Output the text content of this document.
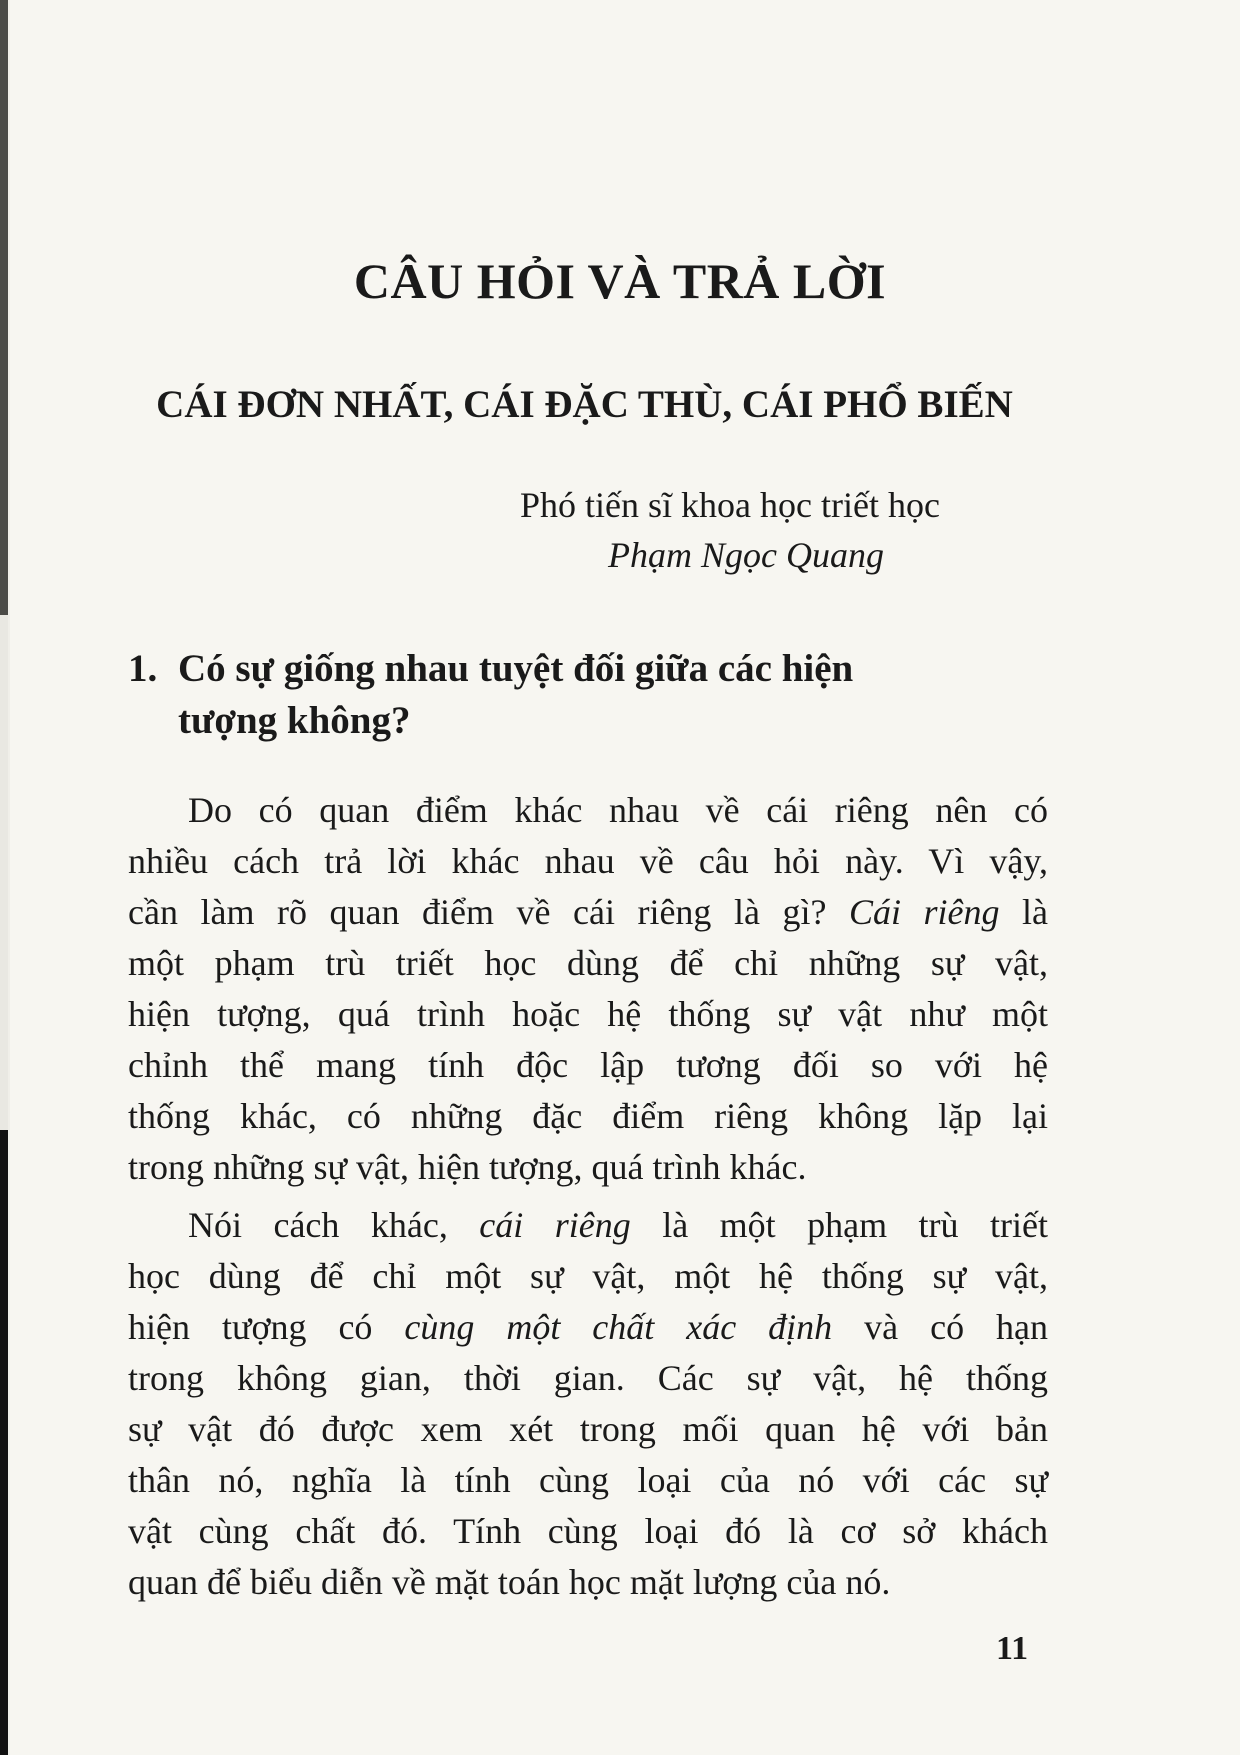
CÂU HỎI VÀ TRẢ LỜI
CÁI ĐƠN NHẤT, CÁI ĐẶC THÙ, CÁI PHỔ BIẾN
Phó tiến sĩ khoa học triết học
Phạm Ngọc Quang
1. Có sự giống nhau tuyệt đối giữa các hiện
tượng không?
Do có quan điểm khác nhau về cái riêng nên có
nhiều cách trả lời khác nhau về câu hỏi này. Vì vậy,
cần làm rõ quan điểm về cái riêng là gì? Cái riêng là
một phạm trù triết học dùng để chỉ những sự vật,
hiện tượng, quá trình hoặc hệ thống sự vật như một
chỉnh thể mang tính độc lập tương đối so với hệ
thống khác, có những đặc điểm riêng không lặp lại
trong những sự vật, hiện tượng, quá trình khác.
Nói cách khác, cái riêng là một phạm trù triết
học dùng để chỉ một sự vật, một hệ thống sự vật,
hiện tượng có cùng một chất xác định và có hạn
trong không gian, thời gian. Các sự vật, hệ thống
sự vật đó được xem xét trong mối quan hệ với bản
thân nó, nghĩa là tính cùng loại của nó với các sự
vật cùng chất đó. Tính cùng loại đó là cơ sở khách
quan để biểu diễn về mặt toán học mặt lượng của nó.
11
